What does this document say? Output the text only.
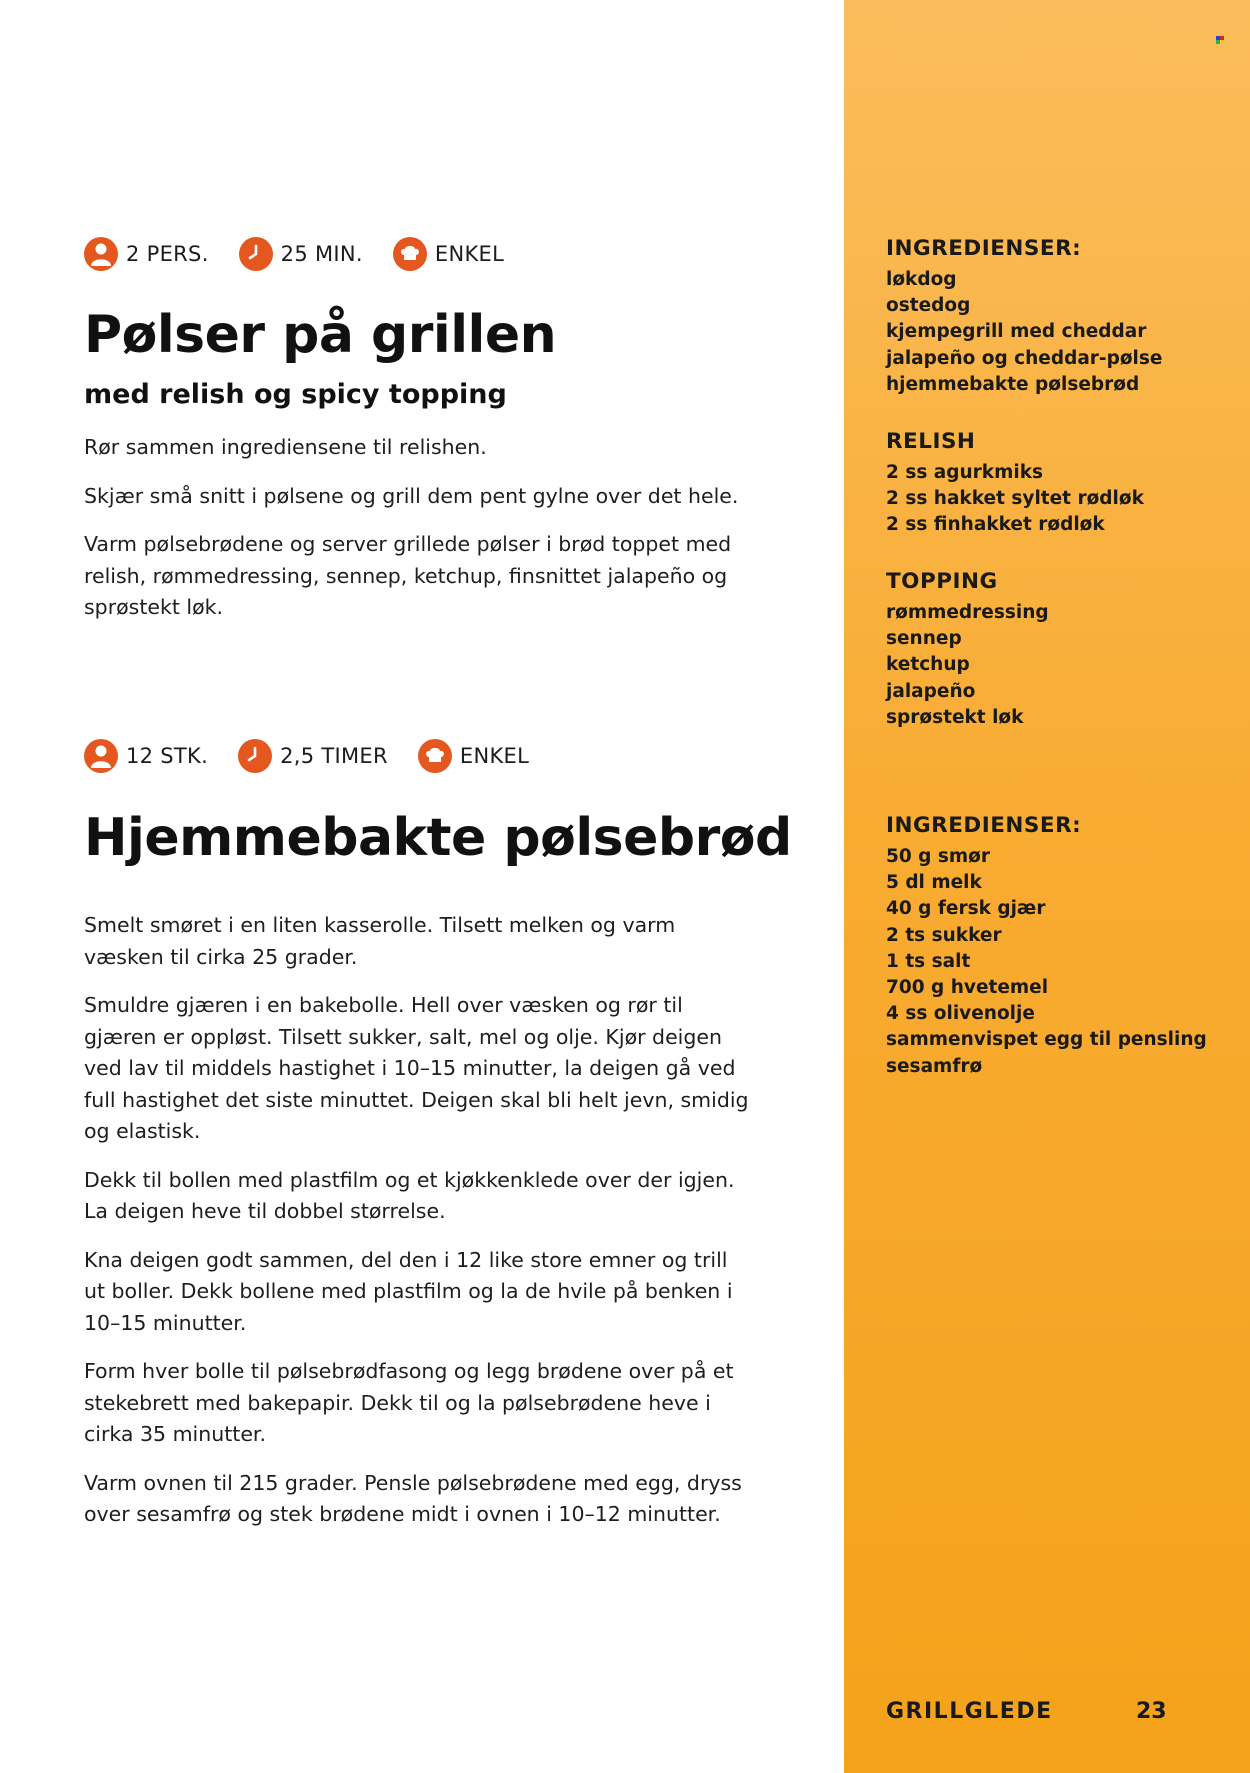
2 PERS.	25 MIN.	ENKEL
Pølser på grillen
med relish og spicy topping

Rør sammen ingrediensene til relishen.

Skjær små snitt i pølsene og grill dem pent gylne over det hele.

Varm pølsebrødene og server grillede pølser i brød toppet med relish, rømmedressing, sennep, ketchup, finsnittet jalapeño og sprøstekt løk.

12 STK.	2,5 TIMER	ENKEL
Hjemmebakte pølsebrød

Smelt smøret i en liten kasserolle. Tilsett melken og varm væsken til cirka 25 grader.

Smuldre gjæren i en bakebolle. Hell over væsken og rør til gjæren er oppløst. Tilsett sukker, salt, mel og olje. Kjør deigen ved lav til middels hastighet i 10–15 minutter, la deigen gå ved full hastighet det siste minuttet. Deigen skal bli helt jevn, smidig og elastisk.

Dekk til bollen med plastfilm og et kjøkkenklede over der igjen. La deigen heve til dobbel størrelse.

Kna deigen godt sammen, del den i 12 like store emner og trill ut boller. Dekk bollene med plastfilm og la de hvile på benken i 10–15 minutter.

Form hver bolle til pølsebrødfasong og legg brødene over på et stekebrett med bakepapir. Dekk til og la pølsebrødene heve i cirka 35 minutter.

Varm ovnen til 215 grader. Pensle pølsebrødene med egg, dryss over sesamfrø og stek brødene midt i ovnen i 10–12 minutter.

INGREDIENSER:
løkdog
ostedog
kjempegrill med cheddar
jalapeño og cheddar-pølse
hjemmebakte pølsebrød
RELISH
2 ss agurkmiks
2 ss hakket syltet rødløk
2 ss finhakket rødløk
TOPPING
rømmedressing
sennep
ketchup
jalapeño
sprøstekt løk
INGREDIENSER:
50 g smør
5 dl melk
40 g fersk gjær
2 ts sukker
1 ts salt
700 g hvetemel
4 ss olivenolje
sammenvispet egg til pensling
sesamfrø
GRILLGLEDE	23
